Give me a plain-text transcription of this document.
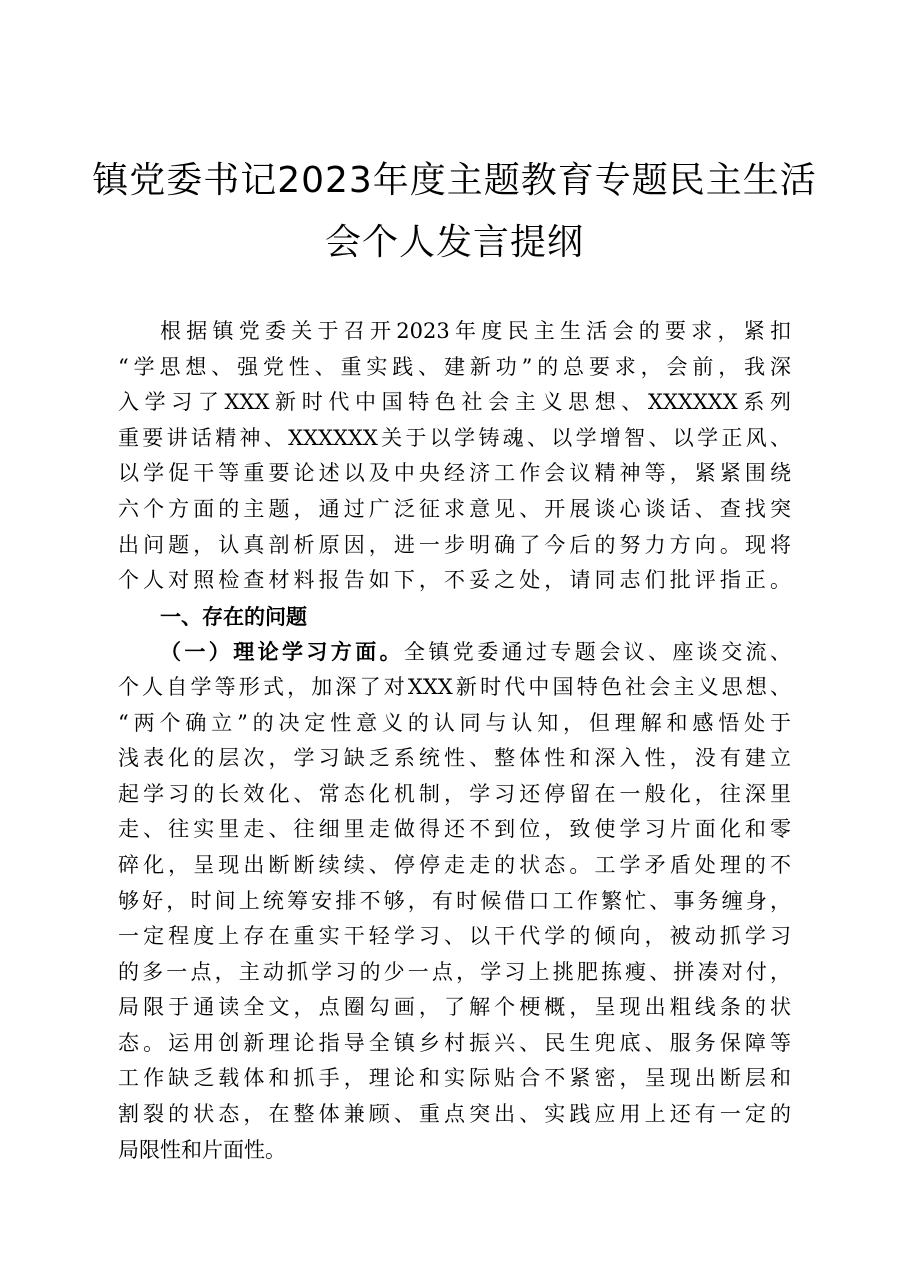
镇党委书记2023年度主题教育专题民主生活
会个人发言提纲
根据镇党委关于召开2023年度民主生活会的要求，紧扣
“学思想、强党性、重实践、建新功”的总要求，会前，我深
入学习了XXX新时代中国特色社会主义思想、XXXXXX系列
重要讲话精神、XXXXXX关于以学铸魂、以学增智、以学正风、
以学促干等重要论述以及中央经济工作会议精神等，紧紧围绕
六个方面的主题，通过广泛征求意见、开展谈心谈话、查找突
出问题，认真剖析原因，进一步明确了今后的努力方向。现将
个人对照检查材料报告如下，不妥之处，请同志们批评指正。
一、存在的问题
（一）理论学习方面。全镇党委通过专题会议、座谈交流、
个人自学等形式，加深了对XXX新时代中国特色社会主义思想、
“两个确立”的决定性意义的认同与认知，但理解和感悟处于
浅表化的层次，学习缺乏系统性、整体性和深入性，没有建立
起学习的长效化、常态化机制，学习还停留在一般化，往深里
走、往实里走、往细里走做得还不到位，致使学习片面化和零
碎化，呈现出断断续续、停停走走的状态。工学矛盾处理的不
够好，时间上统筹安排不够，有时候借口工作繁忙、事务缠身，
一定程度上存在重实干轻学习、以干代学的倾向，被动抓学习
的多一点，主动抓学习的少一点，学习上挑肥拣瘦、拼凑对付，
局限于通读全文，点圈勾画，了解个梗概，呈现出粗线条的状
态。运用创新理论指导全镇乡村振兴、民生兜底、服务保障等
工作缺乏载体和抓手，理论和实际贴合不紧密，呈现出断层和
割裂的状态，在整体兼顾、重点突出、实践应用上还有一定的
局限性和片面性。
